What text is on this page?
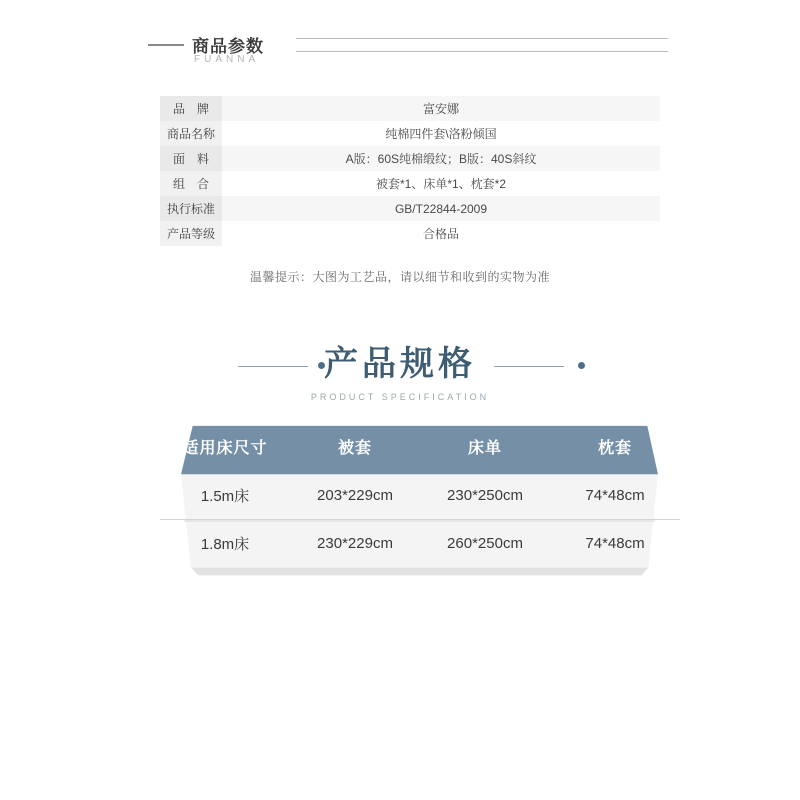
商品参数
FUANNA
品　牌	富安娜
商品名称	纯棉四件套\洛粉倾国
面　料	A版：60S纯棉缎纹；B版：40S斜纹
组　合	被套*1、床单*1、枕套*2
执行标准	GB/T22844-2009
产品等级	合格品
温馨提示：大图为工艺品，请以细节和收到的实物为准
产品规格
PRODUCT SPECIFICATION
适用床尺寸	被套	床单	枕套
1.5m床	203*229cm	230*250cm	74*48cm
1.8m床	230*229cm	260*250cm	74*48cm
